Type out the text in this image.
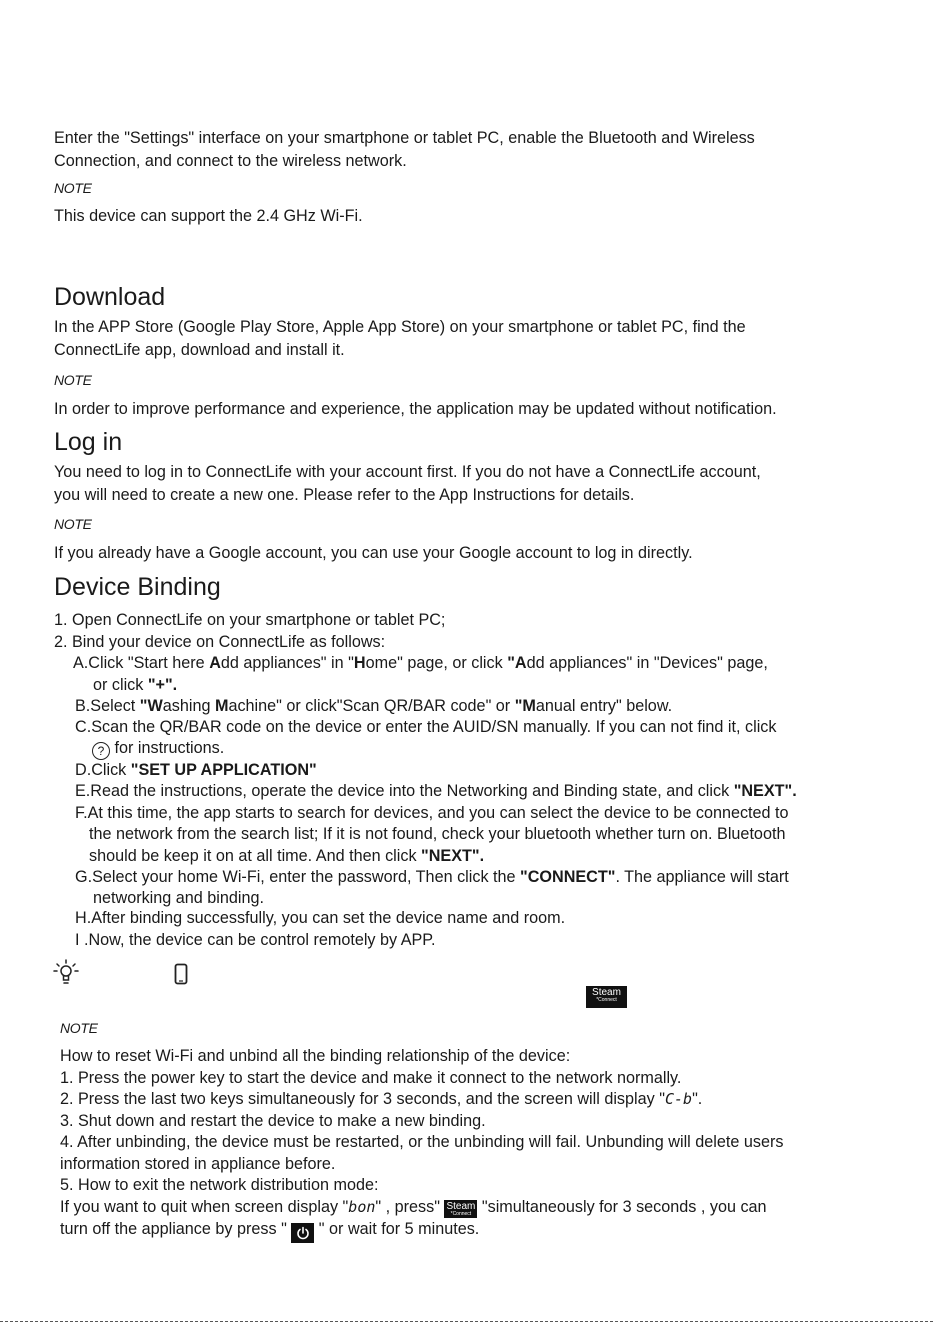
Enter the "Settings" interface on your smartphone or tablet PC, enable the Bluetooth and Wireless

Connection, and connect to the wireless network.

NOTE

This device can support the 2.4 GHz Wi-Fi.

Download

In the APP Store (Google Play Store, Apple App Store) on your smartphone or tablet PC, find the

ConnectLife app, download and install it.

NOTE

In order to improve performance and experience, the application may be updated without notification.

Log in

You need to log in to ConnectLife with your account first. If you do not have a ConnectLife account,

you will need to create a new one. Please refer to the App Instructions for details.

NOTE

If you already have a Google account, you can use your Google account to log in directly.

Device Binding

1. Open ConnectLife on your smartphone or tablet PC;

2. Bind your device on ConnectLife as follows:

A.Click "Start here Add appliances" in "Home" page, or click "Add appliances" in "Devices" page,

or click "+".

B.Select "Washing Machine" or click"Scan QR/BAR code" or "Manual entry" below.

C.Scan the QR/BAR code on the device or enter the AUID/SN manually. If you can not find it, click

? for instructions.

D.Click "SET UP APPLICATION"

E.Read the instructions, operate the device into the Networking and Binding state, and click "NEXT".

F.At this time, the app starts to search for devices, and you can select the device to be connected to

the network from the search list; If it is not found, check your bluetooth whether turn on. Bluetooth

should be keep it on at all time. And then click "NEXT".

G.Select your home Wi-Fi, enter the password, Then click the "CONNECT". The appliance will start

networking and binding.

H.After binding successfully, you can set the device name and room.

I .Now, the device can be control remotely by APP.

Steam
*Connect
NOTE

How to reset Wi-Fi and unbind all the binding relationship of the device:

1. Press the power key to start the device and make it connect to the network normally.

2. Press the last two keys simultaneously for 3 seconds, and the screen will display "C-b".

3. Shut down and restart the device to make a new binding.

4. After unbinding, the device must be restarted, or the unbinding will fail. Unbunding will delete users

information stored in appliance before.

5. How to exit the network distribution mode:

If you want to quit when screen display "bon" , press" Steam
*Connect "simultaneously for 3 seconds , you can

turn off the appliance by press "  " or wait for 5 minutes.
